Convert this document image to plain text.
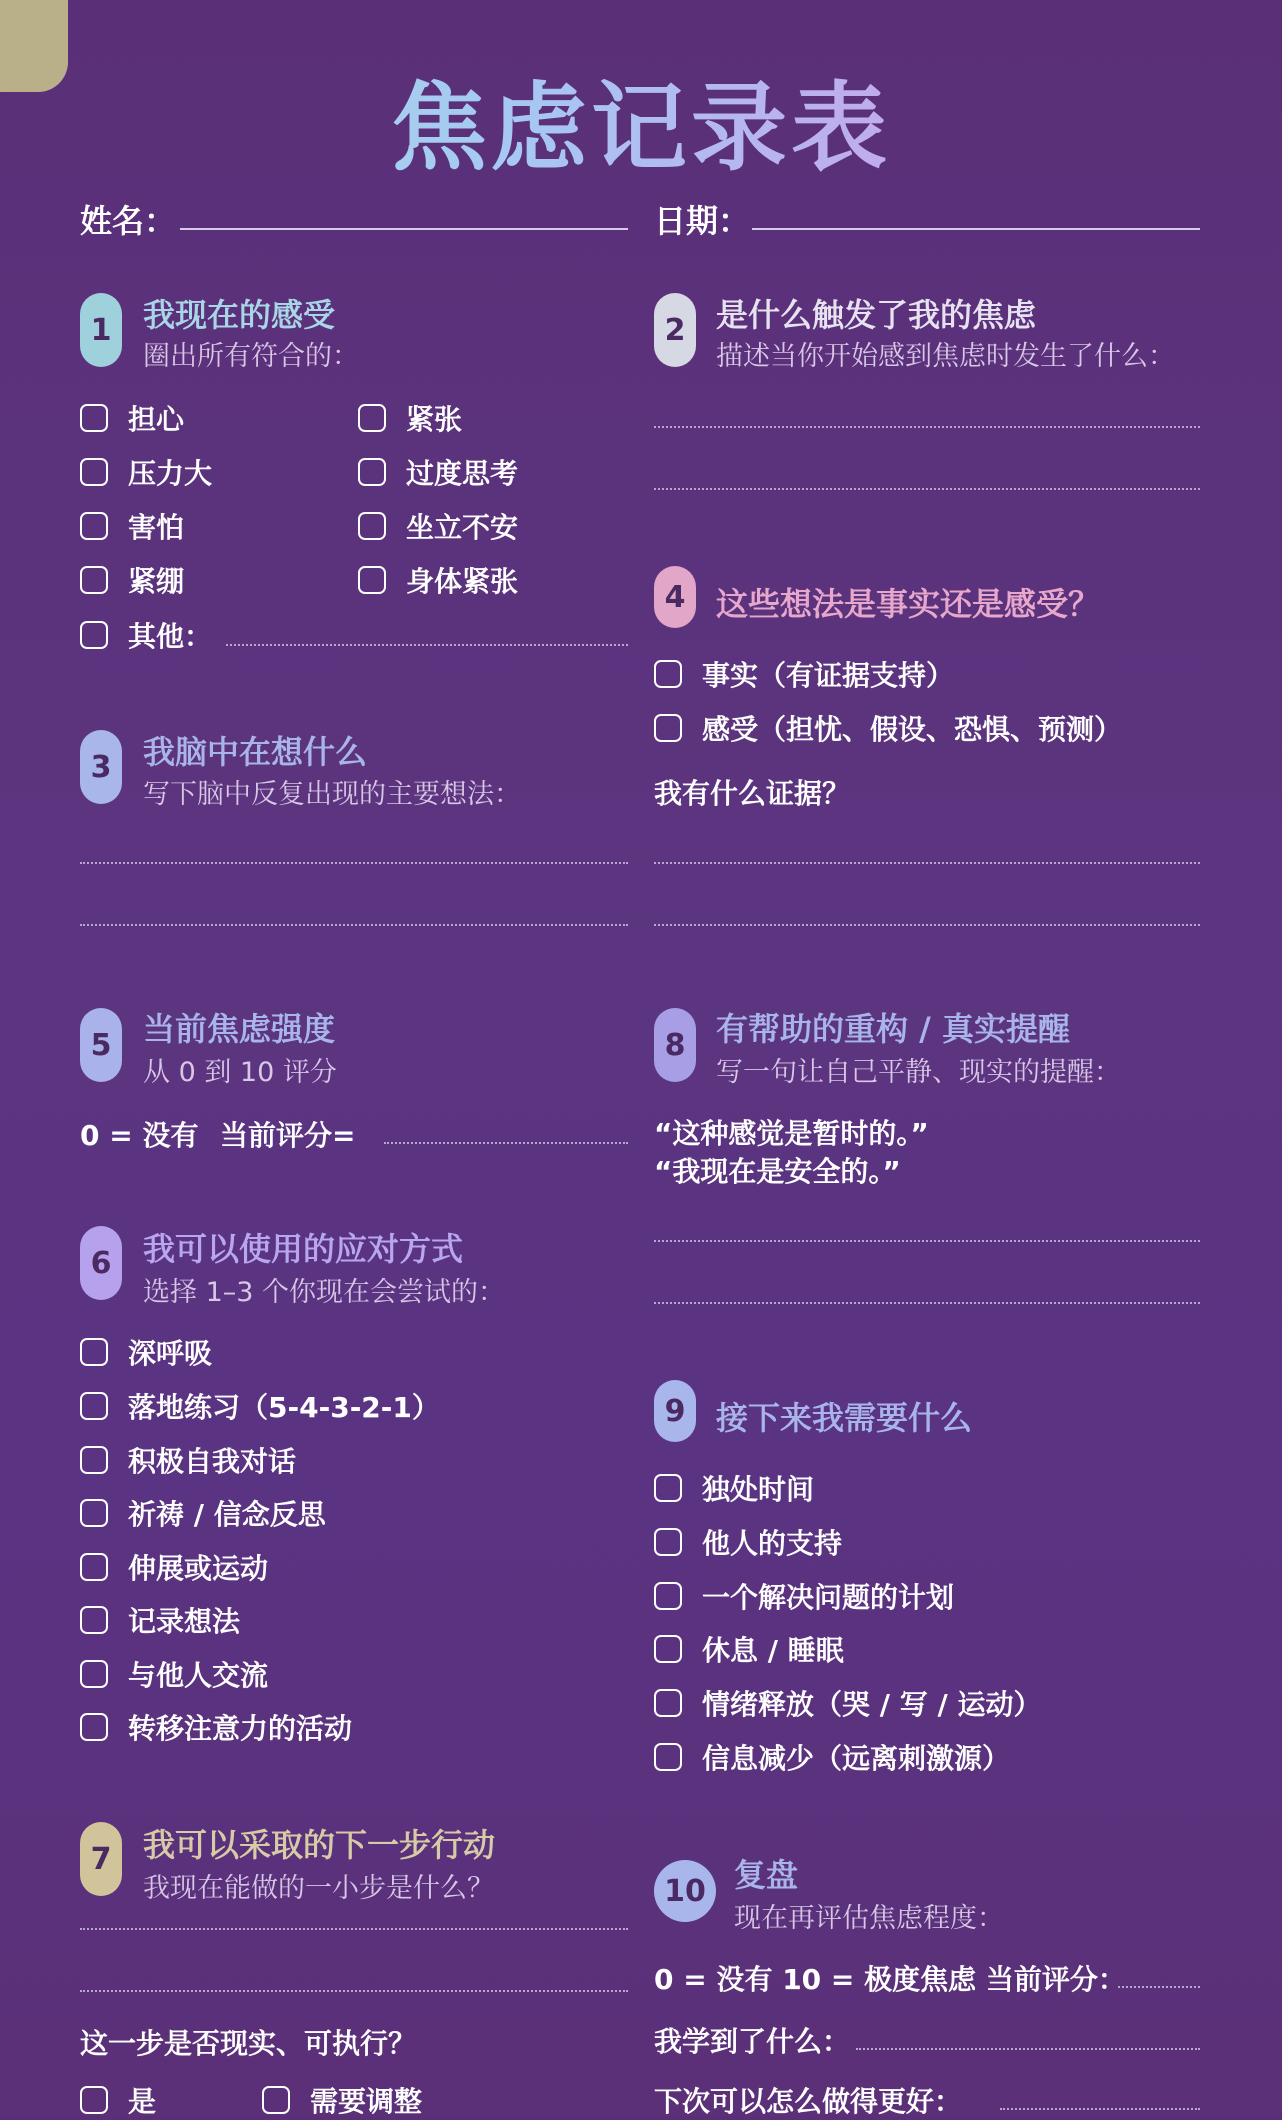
焦虑记录表
姓名：	日期：
1 我现在的感受
圈出所有符合的：
担心	紧张
压力大	过度思考
害怕	坐立不安
紧绷	身体紧张
其他：
2 是什么触发了我的焦虑
描述当你开始感到焦虑时发生了什么：
4 这些想法是事实还是感受？
事实（有证据支持）
感受（担忧、假设、恐惧、预测）
我有什么证据？
3 我脑中在想什么
写下脑中反复出现的主要想法：
5 当前焦虑强度
从 0 到 10 评分
0 = 没有 当前评分=
8 有帮助的重构 / 真实提醒
写一句让自己平静、现实的提醒：
“这种感觉是暂时的。”
“我现在是安全的。”
6 我可以使用的应对方式
选择 1–3 个你现在会尝试的：
深呼吸
落地练习（5-4-3-2-1）
积极自我对话
祈祷 / 信念反思
伸展或运动
记录想法
与他人交流
转移注意力的活动
9 接下来我需要什么
独处时间
他人的支持
一个解决问题的计划
休息 / 睡眠
情绪释放（哭 / 写 / 运动）
信息减少（远离刺激源）
7 我可以采取的下一步行动
我现在能做的一小步是什么？
这一步是否现实、可执行？
是	需要调整
10 复盘
现在再评估焦虑程度：
0 = 没有 10 = 极度焦虑 当前评分：
我学到了什么：
下次可以怎么做得更好：
